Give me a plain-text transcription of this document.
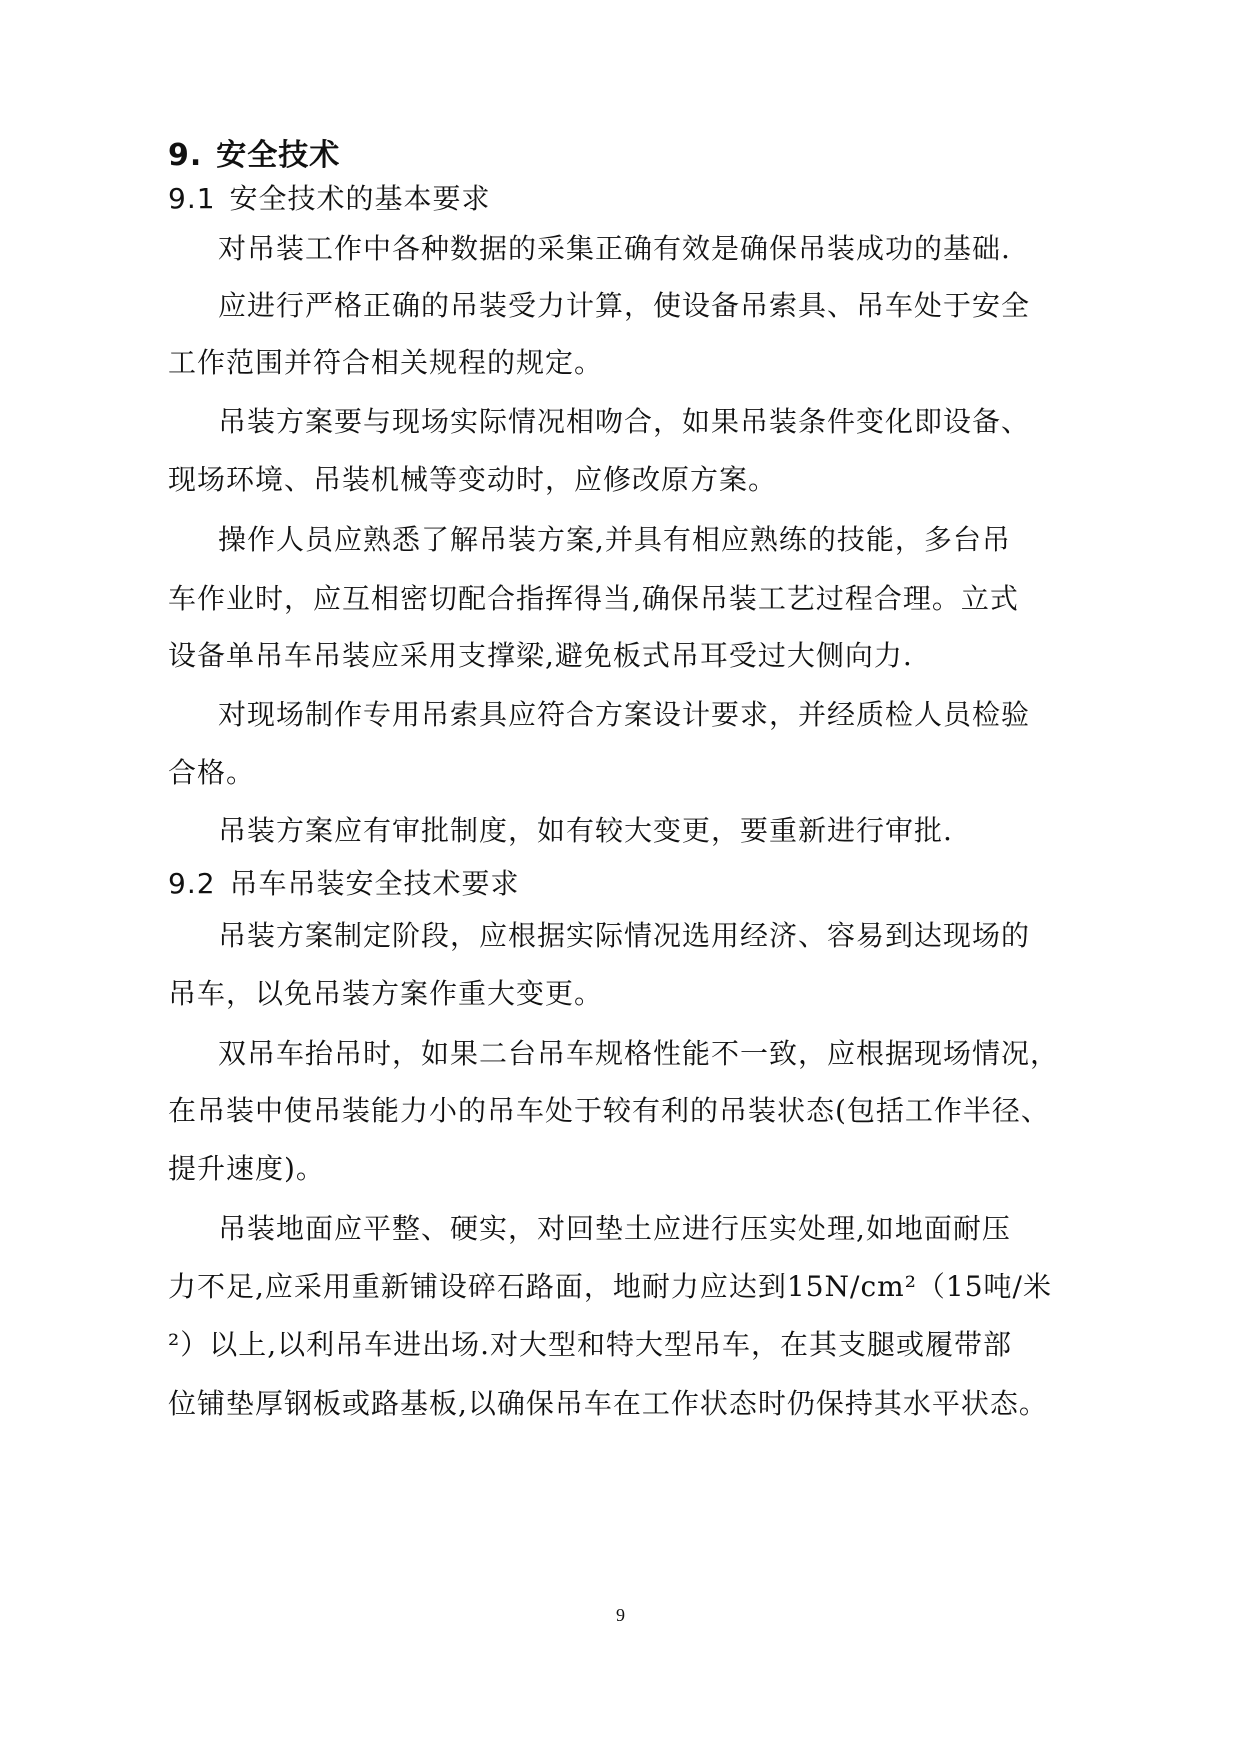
9. 安全技术
9.1 安全技术的基本要求
对吊装工作中各种数据的采集正确有效是确保吊装成功的基础.
应进行严格正确的吊装受力计算，使设备吊索具、吊车处于安全
工作范围并符合相关规程的规定。
吊装方案要与现场实际情况相吻合，如果吊装条件变化即设备、
现场环境、吊装机械等变动时，应修改原方案。
操作人员应熟悉了解吊装方案,并具有相应熟练的技能，多台吊
车作业时，应互相密切配合指挥得当,确保吊装工艺过程合理。立式
设备单吊车吊装应采用支撑梁,避免板式吊耳受过大侧向力.
对现场制作专用吊索具应符合方案设计要求，并经质检人员检验
合格。
吊装方案应有审批制度，如有较大变更，要重新进行审批.
9.2 吊车吊装安全技术要求
吊装方案制定阶段，应根据实际情况选用经济、容易到达现场的
吊车，以免吊装方案作重大变更。
双吊车抬吊时，如果二台吊车规格性能不一致，应根据现场情况，
在吊装中使吊装能力小的吊车处于较有利的吊装状态(包括工作半径、
提升速度)。
吊装地面应平整、硬实，对回垫土应进行压实处理,如地面耐压
力不足,应采用重新铺设碎石路面，地耐力应达到15N/cm²（15吨/米
²）以上,以利吊车进出场.对大型和特大型吊车，在其支腿或履带部
位铺垫厚钢板或路基板,以确保吊车在工作状态时仍保持其水平状态。
9
